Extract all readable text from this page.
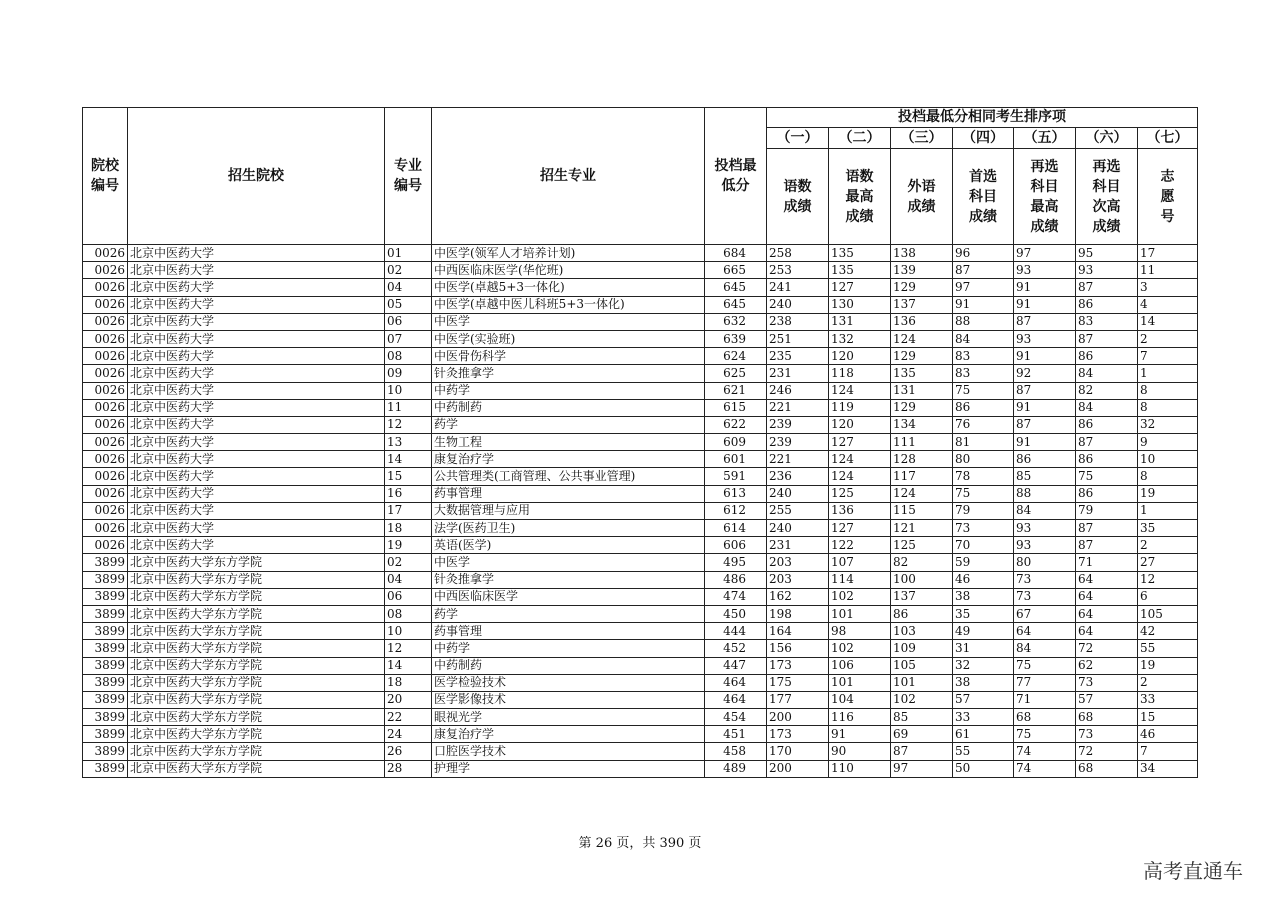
院校编号	招生院校	专业编号	招生专业	投档最低分	投档最低分相同考生排序项						
					（一）	（二）	（三）	（四）	（五）	（六）	（七）
					语数成绩	语数最高成绩	外语成绩	首选科目成绩	再选科目最高成绩	再选科目次高成绩	志愿号
0026	北京中医药大学	01	中医学(领军人才培养计划)	684	258	135	138	96	97	95	17
0026	北京中医药大学	02	中西医临床医学(华佗班)	665	253	135	139	87	93	93	11
0026	北京中医药大学	04	中医学(卓越5+3一体化)	645	241	127	129	97	91	87	3
0026	北京中医药大学	05	中医学(卓越中医儿科班5+3一体化)	645	240	130	137	91	91	86	4
0026	北京中医药大学	06	中医学	632	238	131	136	88	87	83	14
0026	北京中医药大学	07	中医学(实验班)	639	251	132	124	84	93	87	2
0026	北京中医药大学	08	中医骨伤科学	624	235	120	129	83	91	86	7
0026	北京中医药大学	09	针灸推拿学	625	231	118	135	83	92	84	1
0026	北京中医药大学	10	中药学	621	246	124	131	75	87	82	8
0026	北京中医药大学	11	中药制药	615	221	119	129	86	91	84	8
0026	北京中医药大学	12	药学	622	239	120	134	76	87	86	32
0026	北京中医药大学	13	生物工程	609	239	127	111	81	91	87	9
0026	北京中医药大学	14	康复治疗学	601	221	124	128	80	86	86	10
0026	北京中医药大学	15	公共管理类(工商管理、公共事业管理)	591	236	124	117	78	85	75	8
0026	北京中医药大学	16	药事管理	613	240	125	124	75	88	86	19
0026	北京中医药大学	17	大数据管理与应用	612	255	136	115	79	84	79	1
0026	北京中医药大学	18	法学(医药卫生)	614	240	127	121	73	93	87	35
0026	北京中医药大学	19	英语(医学)	606	231	122	125	70	93	87	2
3899	北京中医药大学东方学院	02	中医学	495	203	107	82	59	80	71	27
3899	北京中医药大学东方学院	04	针灸推拿学	486	203	114	100	46	73	64	12
3899	北京中医药大学东方学院	06	中西医临床医学	474	162	102	137	38	73	64	6
3899	北京中医药大学东方学院	08	药学	450	198	101	86	35	67	64	105
3899	北京中医药大学东方学院	10	药事管理	444	164	98	103	49	64	64	42
3899	北京中医药大学东方学院	12	中药学	452	156	102	109	31	84	72	55
3899	北京中医药大学东方学院	14	中药制药	447	173	106	105	32	75	62	19
3899	北京中医药大学东方学院	18	医学检验技术	464	175	101	101	38	77	73	2
3899	北京中医药大学东方学院	20	医学影像技术	464	177	104	102	57	71	57	33
3899	北京中医药大学东方学院	22	眼视光学	454	200	116	85	33	68	68	15
3899	北京中医药大学东方学院	24	康复治疗学	451	173	91	69	61	75	73	46
3899	北京中医药大学东方学院	26	口腔医学技术	458	170	90	87	55	74	72	7
3899	北京中医药大学东方学院	28	护理学	489	200	110	97	50	74	68	34
第 26 页，共 390 页
高考直通车
